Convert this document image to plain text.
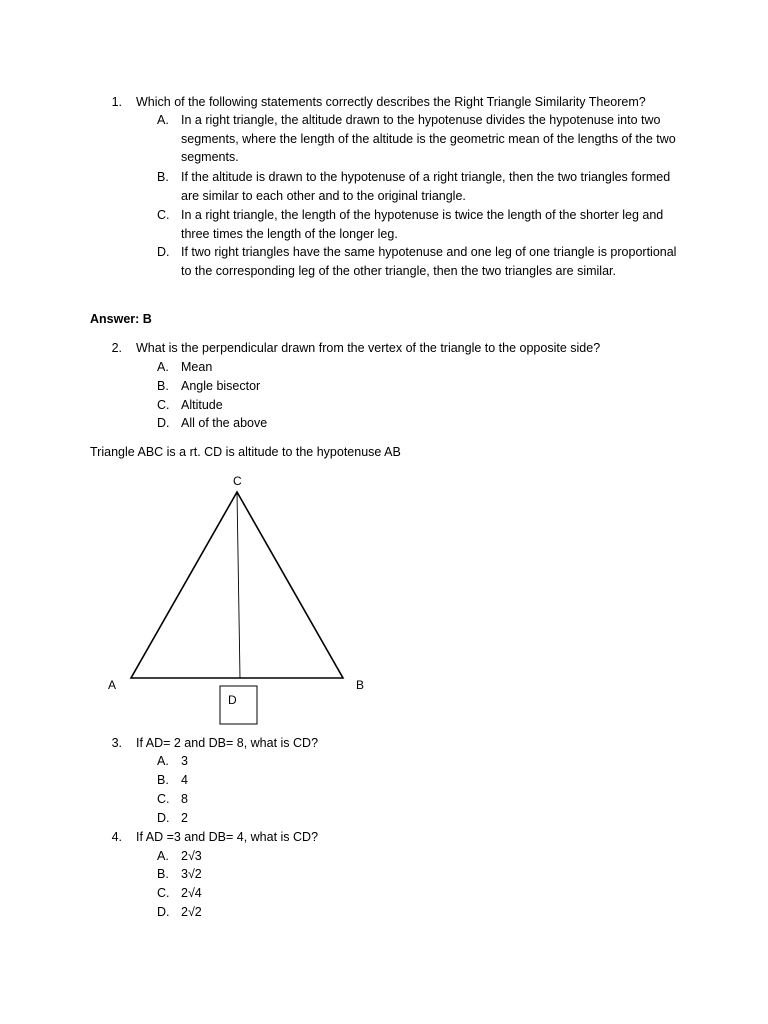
1. Which of the following statements correctly describes the Right Triangle Similarity Theorem?
A. In a right triangle, the altitude drawn to the hypotenuse divides the hypotenuse into two segments, where the length of the altitude is the geometric mean of the lengths of the two segments.
B. If the altitude is drawn to the hypotenuse of a right triangle, then the two triangles formed are similar to each other and to the original triangle.
C. In a right triangle, the length of the hypotenuse is twice the length of the shorter leg and three times the length of the longer leg.
D. If two right triangles have the same hypotenuse and one leg of one triangle is proportional to the corresponding leg of the other triangle, then the two triangles are similar.
Answer: B
2. What is the perpendicular drawn from the vertex of the triangle to the opposite side?
A. Mean
B. Angle bisector
C. Altitude
D. All of the above
Triangle ABC is a rt. CD is altitude to the hypotenuse AB
C
A	B
D
3. If AD= 2 and DB= 8, what is CD?
A. 3
B. 4
C. 8
D. 2
4. If AD =3 and DB= 4, what is CD?
A. 2√3
B. 3√2
C. 2√4
D. 2√2
